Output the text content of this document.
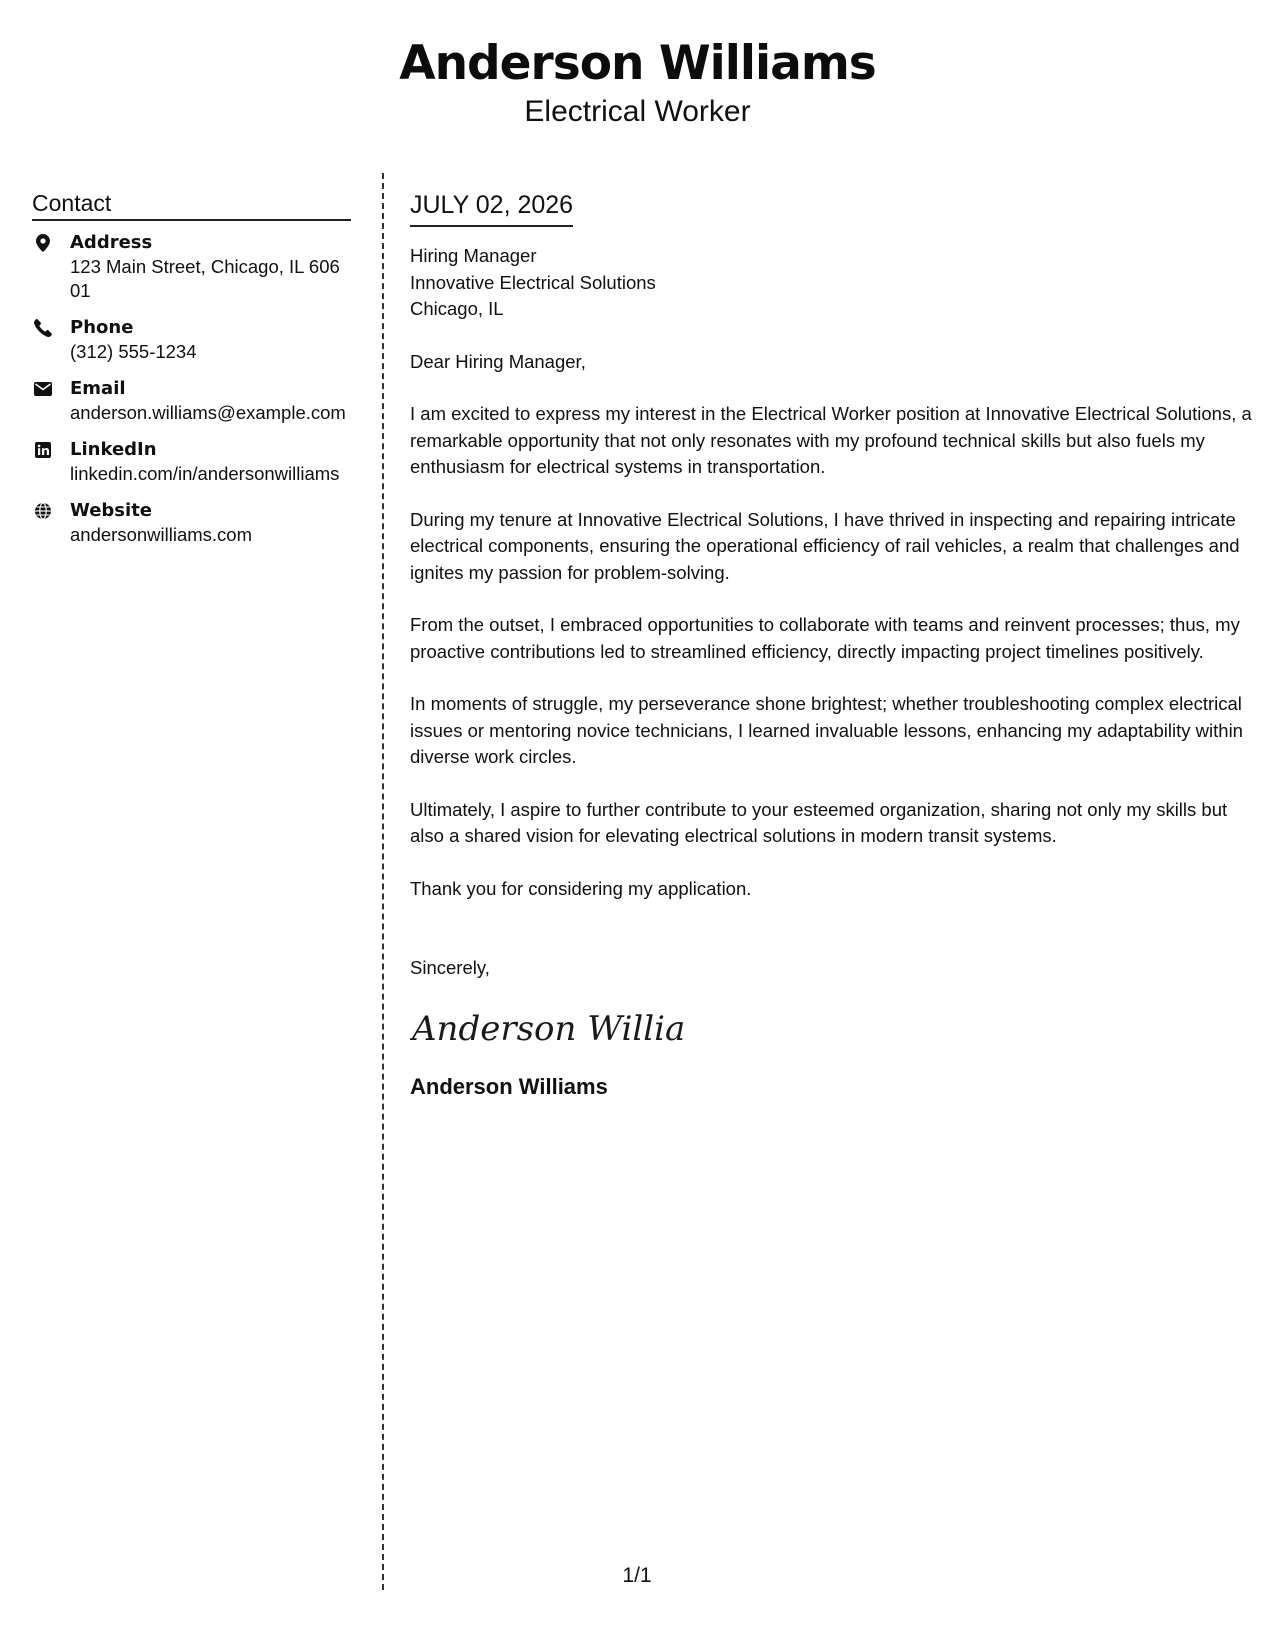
Anderson Williams
Electrical Worker
Contact
Address
123 Main Street, Chicago, IL 60601
Phone
(312) 555-1234
Email
anderson.williams@example.com
LinkedIn
linkedin.com/in/andersonwilliams
Website
andersonwilliams.com
JULY 02, 2026
Hiring Manager
Innovative Electrical Solutions
Chicago, IL

Dear Hiring Manager,

I am excited to express my interest in the Electrical Worker position at Innovative Electrical Solutions, a remarkable opportunity that not only resonates with my profound technical skills but also fuels my enthusiasm for electrical systems in transportation.

During my tenure at Innovative Electrical Solutions, I have thrived in inspecting and repairing intricate electrical components, ensuring the operational efficiency of rail vehicles, a realm that challenges and ignites my passion for problem-solving.

From the outset, I embraced opportunities to collaborate with teams and reinvent processes; thus, my proactive contributions led to streamlined efficiency, directly impacting project timelines positively.

In moments of struggle, my perseverance shone brightest; whether troubleshooting complex electrical issues or mentoring novice technicians, I learned invaluable lessons, enhancing my adaptability within diverse work circles.

Ultimately, I aspire to further contribute to your esteemed organization, sharing not only my skills but also a shared vision for elevating electrical solutions in modern transit systems.

Thank you for considering my application.

Sincerely,

Anderson Willia
Anderson Williams
1/1
